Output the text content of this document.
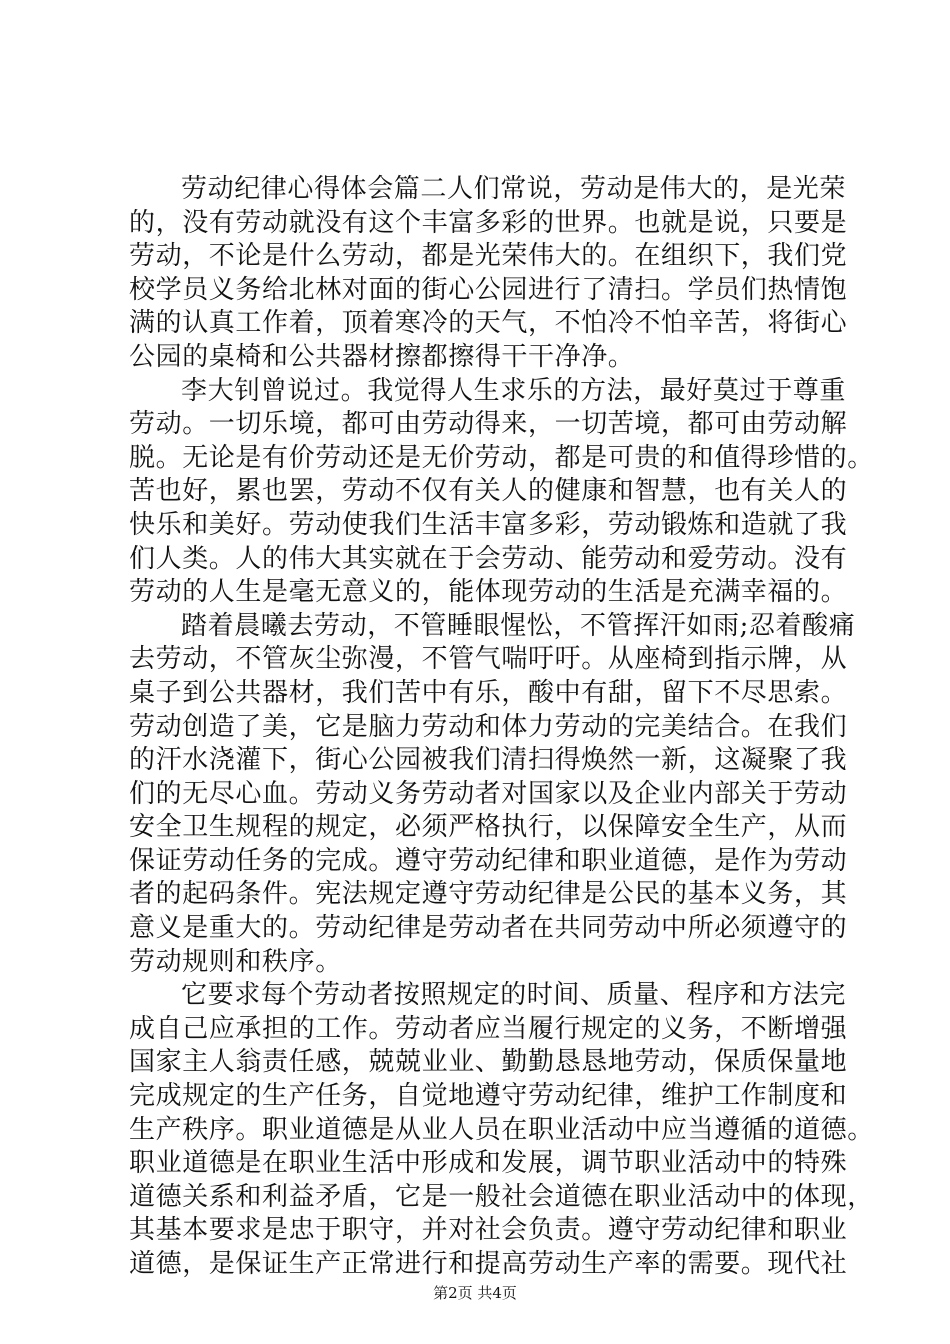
劳动纪律心得体会篇二人们常说，劳动是伟大的，是光荣
的，没有劳动就没有这个丰富多彩的世界。也就是说，只要是
劳动，不论是什么劳动，都是光荣伟大的。在组织下，我们党
校学员义务给北林对面的街心公园进行了清扫。学员们热情饱
满的认真工作着，顶着寒冷的天气，不怕冷不怕辛苦，将街心
公园的桌椅和公共器材擦都擦得干干净净。
李大钊曾说过。我觉得人生求乐的方法，最好莫过于尊重
劳动。一切乐境，都可由劳动得来，一切苦境，都可由劳动解
脱。无论是有价劳动还是无价劳动，都是可贵的和值得珍惜的。
苦也好，累也罢，劳动不仅有关人的健康和智慧，也有关人的
快乐和美好。劳动使我们生活丰富多彩，劳动锻炼和造就了我
们人类。人的伟大其实就在于会劳动、能劳动和爱劳动。没有
劳动的人生是毫无意义的，能体现劳动的生活是充满幸福的。
踏着晨曦去劳动，不管睡眼惺忪，不管挥汗如雨;忍着酸痛
去劳动，不管灰尘弥漫，不管气喘吁吁。从座椅到指示牌，从
桌子到公共器材，我们苦中有乐，酸中有甜，留下不尽思索。
劳动创造了美，它是脑力劳动和体力劳动的完美结合。在我们
的汗水浇灌下，街心公园被我们清扫得焕然一新，这凝聚了我
们的无尽心血。劳动义务劳动者对国家以及企业内部关于劳动
安全卫生规程的规定，必须严格执行，以保障安全生产，从而
保证劳动任务的完成。遵守劳动纪律和职业道德，是作为劳动
者的起码条件。宪法规定遵守劳动纪律是公民的基本义务，其
意义是重大的。劳动纪律是劳动者在共同劳动中所必须遵守的
劳动规则和秩序。
它要求每个劳动者按照规定的时间、质量、程序和方法完
成自己应承担的工作。劳动者应当履行规定的义务，不断增强
国家主人翁责任感，兢兢业业、勤勤恳恳地劳动，保质保量地
完成规定的生产任务，自觉地遵守劳动纪律，维护工作制度和
生产秩序。职业道德是从业人员在职业活动中应当遵循的道德。
职业道德是在职业生活中形成和发展，调节职业活动中的特殊
道德关系和利益矛盾，它是一般社会道德在职业活动中的体现，
其基本要求是忠于职守，并对社会负责。遵守劳动纪律和职业
道德，是保证生产正常进行和提高劳动生产率的需要。现代社
第2页 共4页
